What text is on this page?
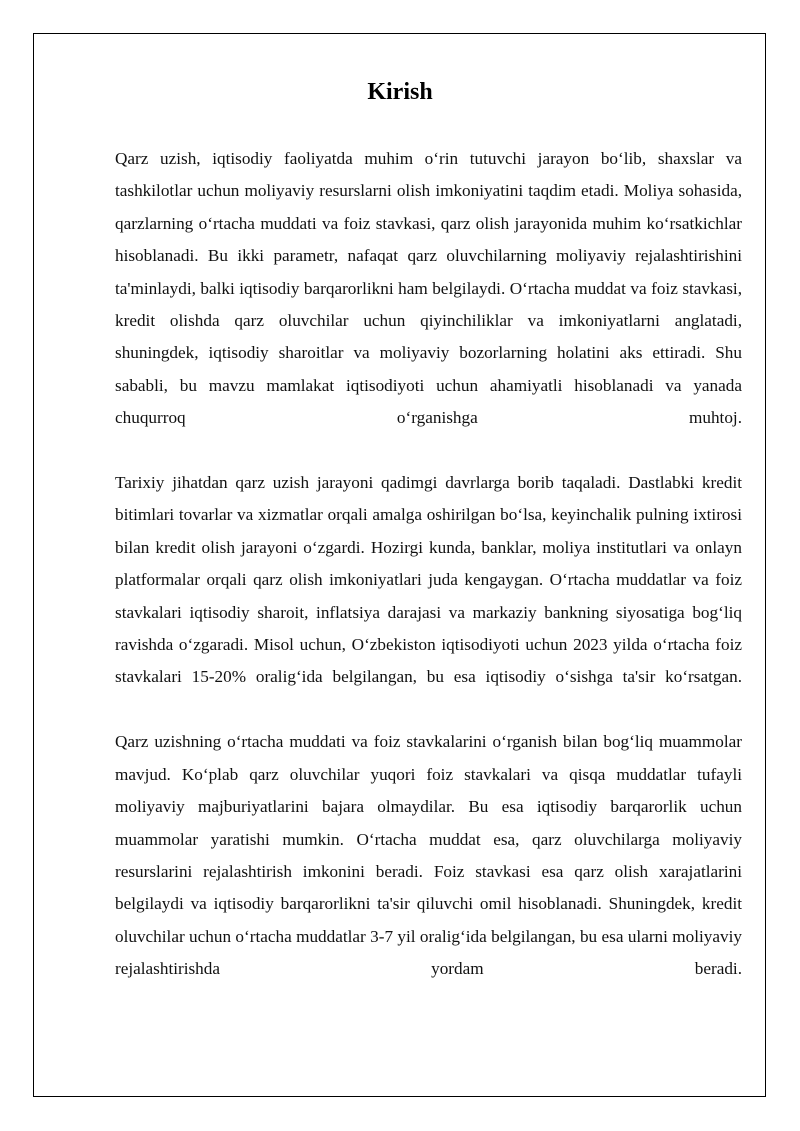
Kirish

Qarz uzish, iqtisodiy faoliyatda muhim o‘rin tutuvchi jarayon bo‘lib, shaxslar va tashkilotlar uchun moliyaviy resurslarni olish imkoniyatini taqdim etadi. Moliya sohasida, qarzlarning o‘rtacha muddati va foiz stavkasi, qarz olish jarayonida muhim ko‘rsatkichlar hisoblanadi. Bu ikki parametr, nafaqat qarz oluvchilarning moliyaviy rejalashtirishini ta'minlaydi, balki iqtisodiy barqarorlikni ham belgilaydi. O‘rtacha muddat va foiz stavkasi, kredit olishda qarz oluvchilar uchun qiyinchiliklar va imkoniyatlarni anglatadi, shuningdek, iqtisodiy sharoitlar va moliyaviy bozorlarning holatini aks ettiradi. Shu sababli, bu mavzu mamlakat iqtisodiyoti uchun ahamiyatli hisoblanadi va yanada chuqurroq o‘rganishga muhtoj.

Tarixiy jihatdan qarz uzish jarayoni qadimgi davrlarga borib taqaladi. Dastlabki kredit bitimlari tovarlar va xizmatlar orqali amalga oshirilgan bo‘lsa, keyinchalik pulning ixtirosi bilan kredit olish jarayoni o‘zgardi. Hozirgi kunda, banklar, moliya institutlari va onlayn platformalar orqali qarz olish imkoniyatlari juda kengaygan. O‘rtacha muddatlar va foiz stavkalari iqtisodiy sharoit, inflatsiya darajasi va markaziy bankning siyosatiga bog‘liq ravishda o‘zgaradi. Misol uchun, O‘zbekiston iqtisodiyoti uchun 2023 yilda o‘rtacha foiz stavkalari 15-20% oralig‘ida belgilangan, bu esa iqtisodiy o‘sishga ta'sir ko‘rsatgan.

Qarz uzishning o‘rtacha muddati va foiz stavkalarini o‘rganish bilan bog‘liq muammolar mavjud. Ko‘plab qarz oluvchilar yuqori foiz stavkalari va qisqa muddatlar tufayli moliyaviy majburiyatlarini bajara olmaydilar. Bu esa iqtisodiy barqarorlik uchun muammolar yaratishi mumkin. O‘rtacha muddat esa, qarz oluvchilarga moliyaviy resurslarini rejalashtirish imkonini beradi. Foiz stavkasi esa qarz olish xarajatlarini belgilaydi va iqtisodiy barqarorlikni ta'sir qiluvchi omil hisoblanadi. Shuningdek, kredit oluvchilar uchun o‘rtacha muddatlar 3-7 yil oralig‘ida belgilangan, bu esa ularni moliyaviy rejalashtirishda yordam beradi.
